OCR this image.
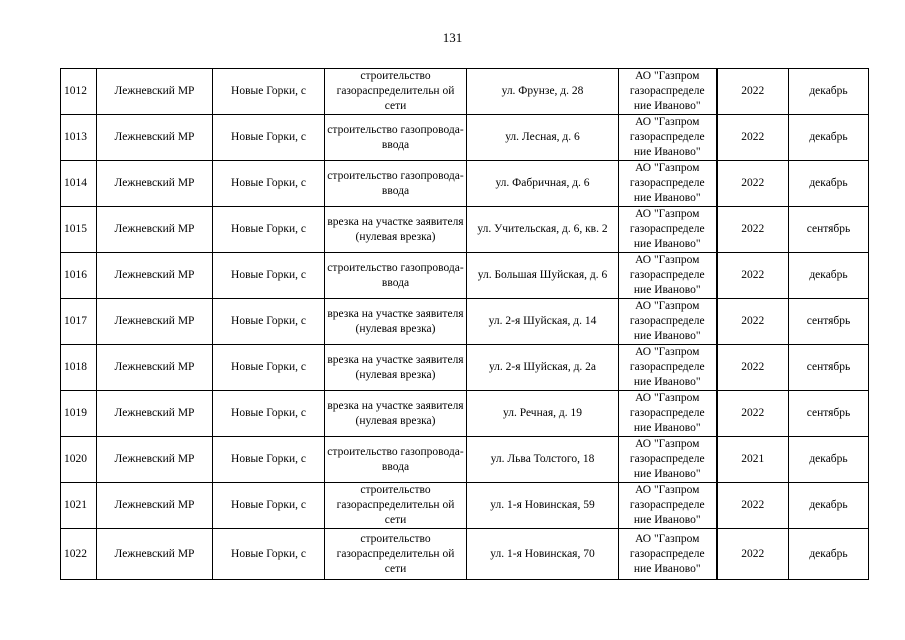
131
1012	Лежневский МР	Новые Горки, с	строительство газораспределительн ой сети	ул. Фрунзе, д. 28	АО "Газпром газораспределе ние Иваново"	2022	декабрь
1013	Лежневский МР	Новые Горки, с	строительство газопровода-ввода	ул. Лесная, д. 6	АО "Газпром газораспределе ние Иваново"	2022	декабрь
1014	Лежневский МР	Новые Горки, с	строительство газопровода-ввода	ул. Фабричная, д. 6	АО "Газпром газораспределе ние Иваново"	2022	декабрь
1015	Лежневский МР	Новые Горки, с	врезка на участке заявителя (нулевая врезка)	ул. Учительская, д. 6, кв. 2	АО "Газпром газораспределе ние Иваново"	2022	сентябрь
1016	Лежневский МР	Новые Горки, с	строительство газопровода-ввода	ул. Большая Шуйская, д. 6	АО "Газпром газораспределе ние Иваново"	2022	декабрь
1017	Лежневский МР	Новые Горки, с	врезка на участке заявителя (нулевая врезка)	ул. 2-я Шуйская, д. 14	АО "Газпром газораспределе ние Иваново"	2022	сентябрь
1018	Лежневский МР	Новые Горки, с	врезка на участке заявителя (нулевая врезка)	ул. 2-я Шуйская, д. 2а	АО "Газпром газораспределе ние Иваново"	2022	сентябрь
1019	Лежневский МР	Новые Горки, с	врезка на участке заявителя (нулевая врезка)	ул. Речная, д. 19	АО "Газпром газораспределе ние Иваново"	2022	сентябрь
1020	Лежневский МР	Новые Горки, с	строительство газопровода-ввода	ул. Льва Толстого, 18	АО "Газпром газораспределе ние Иваново"	2021	декабрь
1021	Лежневский МР	Новые Горки, с	строительство газораспределительн ой сети	ул. 1-я Новинская, 59	АО "Газпром газораспределе ние Иваново"	2022	декабрь
1022	Лежневский МР	Новые Горки, с	строительство газораспределительн ой сети	ул. 1-я Новинская, 70	АО "Газпром газораспределе ние Иваново"	2022	декабрь
